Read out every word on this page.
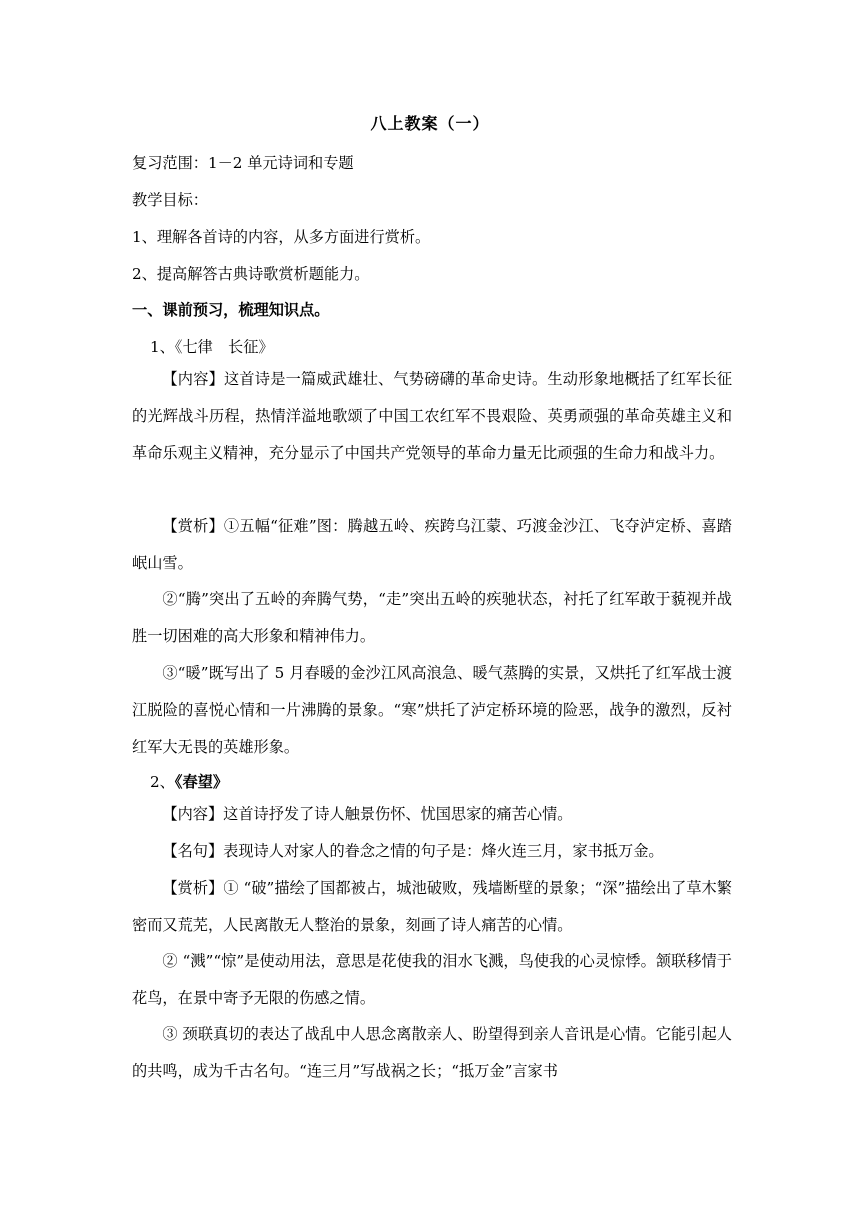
八上教案（一）
复习范围：1－2 单元诗词和专题
教学目标：
1、理解各首诗的内容，从多方面进行赏析。
2、提高解答古典诗歌赏析题能力。
一、课前预习，梳理知识点。
1、《七律　长征》

【内容】这首诗是一篇威武雄壮、气势磅礴的革命史诗。生动形象地概括了红军长征的光辉战斗历程，热情洋溢地歌颂了中国工农红军不畏艰险、英勇顽强的革命英雄主义和革命乐观主义精神，充分显示了中国共产党领导的革命力量无比顽强的生命力和战斗力。

【赏析】①五幅“征难”图：腾越五岭、疾跨乌江蒙、巧渡金沙江、飞夺泸定桥、喜踏岷山雪。

②“腾”突出了五岭的奔腾气势，“走”突出五岭的疾驰状态，衬托了红军敢于藐视并战胜一切困难的高大形象和精神伟力。

③“暖”既写出了 5 月春暖的金沙江风高浪急、暖气蒸腾的实景，又烘托了红军战士渡江脱险的喜悦心情和一片沸腾的景象。“寒”烘托了泸定桥环境的险恶，战争的激烈，反衬红军大无畏的英雄形象。

2、《春望》

【内容】这首诗抒发了诗人触景伤怀、忧国思家的痛苦心情。

【名句】表现诗人对家人的眷念之情的句子是：烽火连三月，家书抵万金。

【赏析】① “破”描绘了国都被占，城池破败，残墙断壁的景象；“深”描绘出了草木繁密而又荒芜，人民离散无人整治的景象，刻画了诗人痛苦的心情。

② “溅”“惊”是使动用法，意思是花使我的泪水飞溅，鸟使我的心灵惊悸。颔联移情于花鸟，在景中寄予无限的伤感之情。

③ 颈联真切的表达了战乱中人思念离散亲人、盼望得到亲人音讯是心情。它能引起人的共鸣，成为千古名句。“连三月”写战祸之长；“抵万金”言家书
